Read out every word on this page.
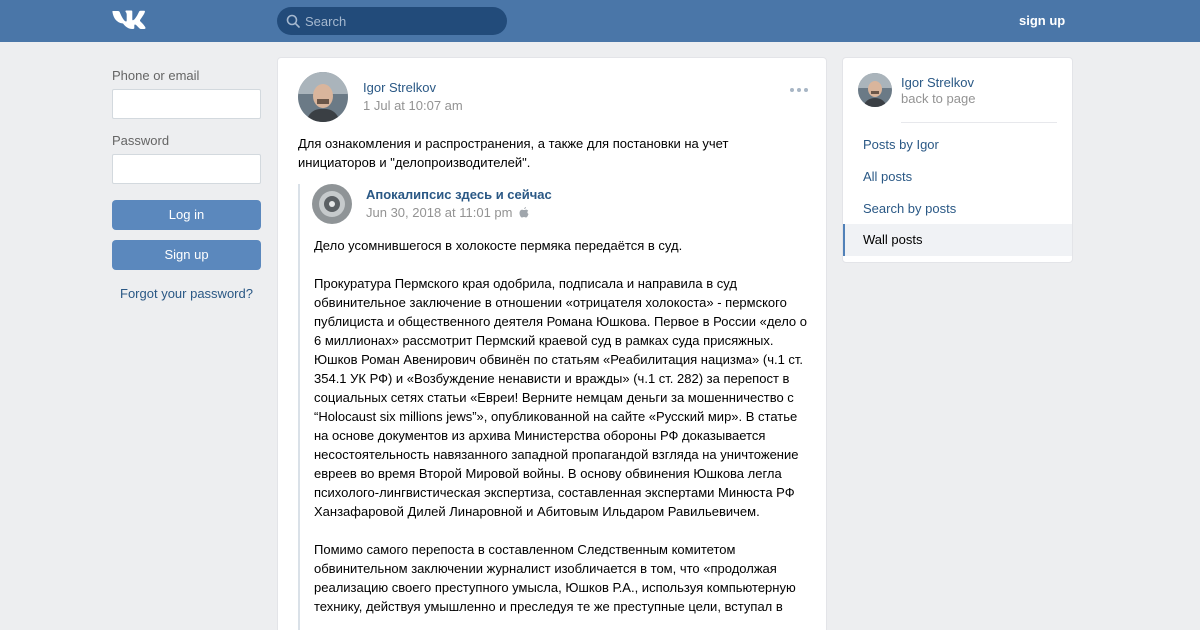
Search	sign up
Phone or email
Password
Log in
Sign up
Forgot your password?
Igor Strelkov
1 Jul at 10:07 am
Для ознакомления и распространения, а также для постановки на учет инициаторов и "делопроизводителей".
Апокалипсис здесь и сейчас
Jun 30, 2018 at 11:01 pm

Дело усомнившегося в холокосте пермяка передаётся в суд.

Прокуратура Пермского края одобрила, подписала и направила в суд обвинительное заключение в отношении «отрицателя холокоста» - пермского публициста и общественного деятеля Романа Юшкова. Первое в России «дело о 6 миллионах» рассмотрит Пермский краевой суд в рамках суда присяжных. Юшков Роман Авенирович обвинён по статьям «Реабилитация нацизма» (ч.1 ст. 354.1 УК РФ) и «Возбуждение ненависти и вражды» (ч.1 ст. 282) за перепост в социальных сетях статьи «Евреи! Верните немцам деньги за мошенничество с “Holocaust six millions jews”», опубликованной на сайте «Русский мир». В статье на основе документов из архива Министерства обороны РФ доказывается несостоятельность навязанного западной пропагандой взгляда на уничтожение евреев во время Второй Мировой войны. В основу обвинения Юшкова легла психолого-лингвистическая экспертиза, составленная экспертами Минюста РФ Ханзафаровой Дилей Линаровной и Абитовым Ильдаром Равильевичем.

Помимо самого перепоста в составленном Следственным комитетом обвинительном заключении журналист изобличается в том, что «продолжая реализацию своего преступного умысла, Юшков Р.А., используя компьютерную технику, действуя умышленно и преследуя те же преступные цели, вступал в

Igor Strelkov
back to page
Posts by Igor
All posts
Search by posts
Wall posts
